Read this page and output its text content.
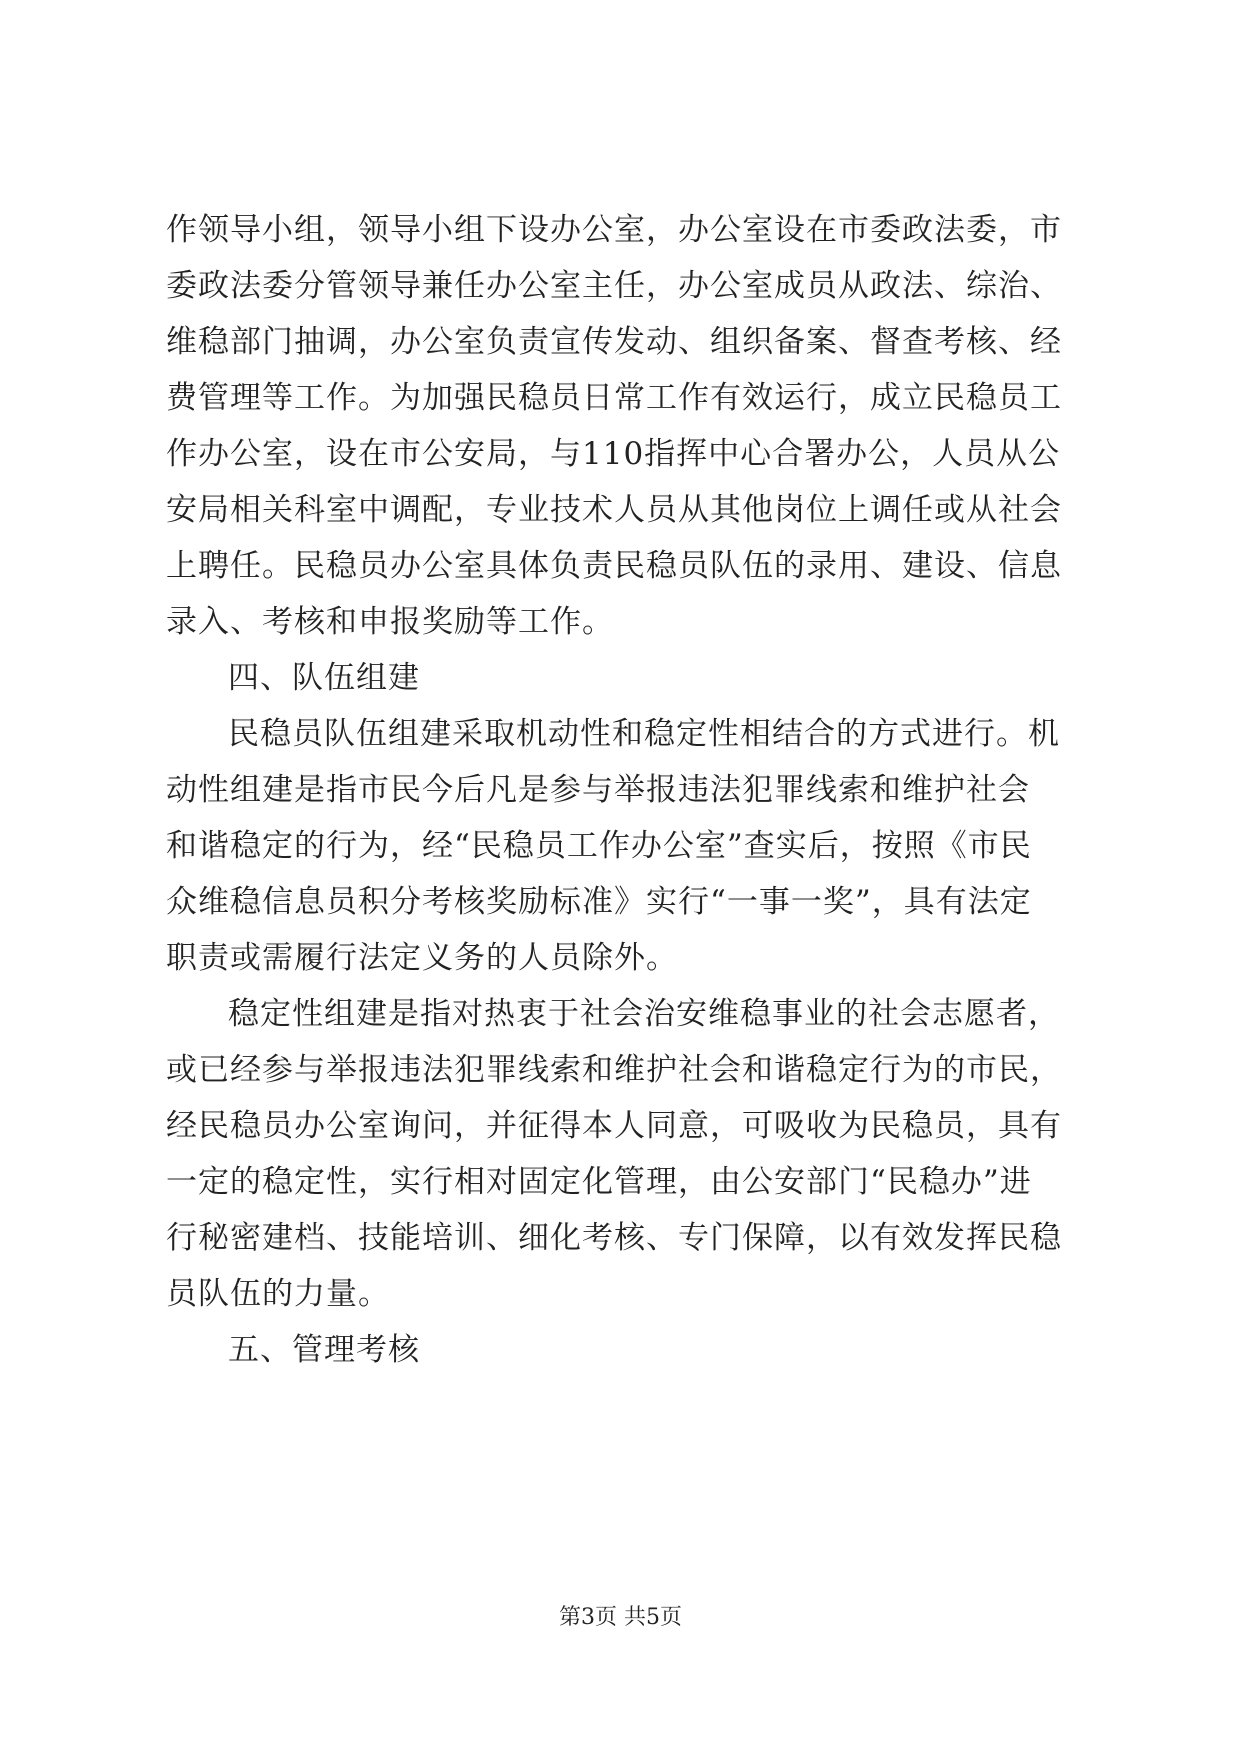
作领导小组，领导小组下设办公室，办公室设在市委政法委，市
委政法委分管领导兼任办公室主任，办公室成员从政法、综治、
维稳部门抽调，办公室负责宣传发动、组织备案、督查考核、经
费管理等工作。为加强民稳员日常工作有效运行，成立民稳员工
作办公室，设在市公安局，与110指挥中心合署办公，人员从公
安局相关科室中调配，专业技术人员从其他岗位上调任或从社会
上聘任。民稳员办公室具体负责民稳员队伍的录用、建设、信息
录入、考核和申报奖励等工作。
四、队伍组建
民稳员队伍组建采取机动性和稳定性相结合的方式进行。机
动性组建是指市民今后凡是参与举报违法犯罪线索和维护社会
和谐稳定的行为，经“民稳员工作办公室”查实后，按照《市民
众维稳信息员积分考核奖励标准》实行“一事一奖”，具有法定
职责或需履行法定义务的人员除外。
稳定性组建是指对热衷于社会治安维稳事业的社会志愿者，
或已经参与举报违法犯罪线索和维护社会和谐稳定行为的市民，
经民稳员办公室询问，并征得本人同意，可吸收为民稳员，具有
一定的稳定性，实行相对固定化管理，由公安部门“民稳办”进
行秘密建档、技能培训、细化考核、专门保障，以有效发挥民稳
员队伍的力量。
五、管理考核
第3页 共5页
